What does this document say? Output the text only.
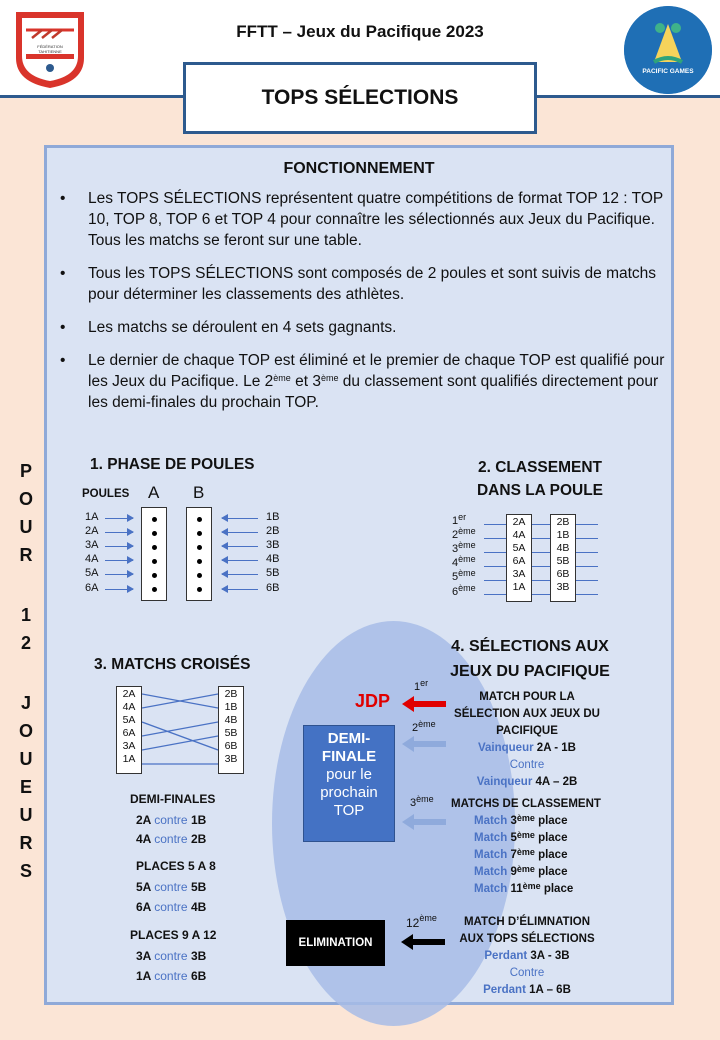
FÉDÉRATION TAHITIENNE
PACIFIC GAMES
FFTT – Jeux du Pacifique 2023
TOPS SÉLECTIONS
P
O
U
R
1
2
J
O
U
E
U
R
S
FONCTIONNEMENT
• Les TOPS SÉLECTIONS représentent quatre compétitions de format TOP 12 : TOP 10, TOP 8, TOP 6 et TOP 4 pour connaître les sélectionnés aux Jeux du Pacifique. Tous les matchs se feront sur une table.
• Tous les TOPS SÉLECTIONS sont composés de 2 poules et sont suivis de matchs pour déterminer les classements des athlètes.
• Les matchs se déroulent en 4 sets gagnants.
• Le dernier de chaque TOP est éliminé et le premier de chaque TOP est qualifié pour les Jeux du Pacifique. Le 2ème et 3ème du classement sont qualifiés directement pour les demi-finales du prochain TOP.
1. PHASE DE POULES
POULES A B
1A
2A
3A
4A
5A
6A
1B
2B
3B
4B
5B
6B
2. CLASSEMENT
DANS LA POULE
1er
2ème
3ème
4ème
5ème
6ème
2A
4A
5A
6A
3A
1A
2B
1B
4B
5B
6B
3B
3. MATCHS CROISÉS
2A
4A
5A
6A
3A
1A
2B
1B
4B
5B
6B
3B
DEMI-FINALES
2A contre 1B
4A contre 2B
PLACES 5 A 8
5A contre 5B
6A contre 4B
PLACES 9 A 12
3A contre 3B
1A contre 6B
4. SÉLECTIONS AUX
JEUX DU PACIFIQUE
JDP
1er
2ème
DEMI-
FINALE
pour le
prochain
TOP	3ème
MATCH POUR LA
SÉLECTION AUX JEUX DU
PACIFIQUE
Vainqueur 2A - 1B
Contre
Vainqueur 4A – 2B
MATCHS DE CLASSEMENT
Match 3ème place
Match 5ème place
Match 7ème place
Match 9ème place
Match 11ème place
ELIMINATION
12ème	MATCH D’ÉLIMNATION
AUX TOPS SÉLECTIONS
Perdant 3A - 3B
Contre
Perdant 1A – 6B
